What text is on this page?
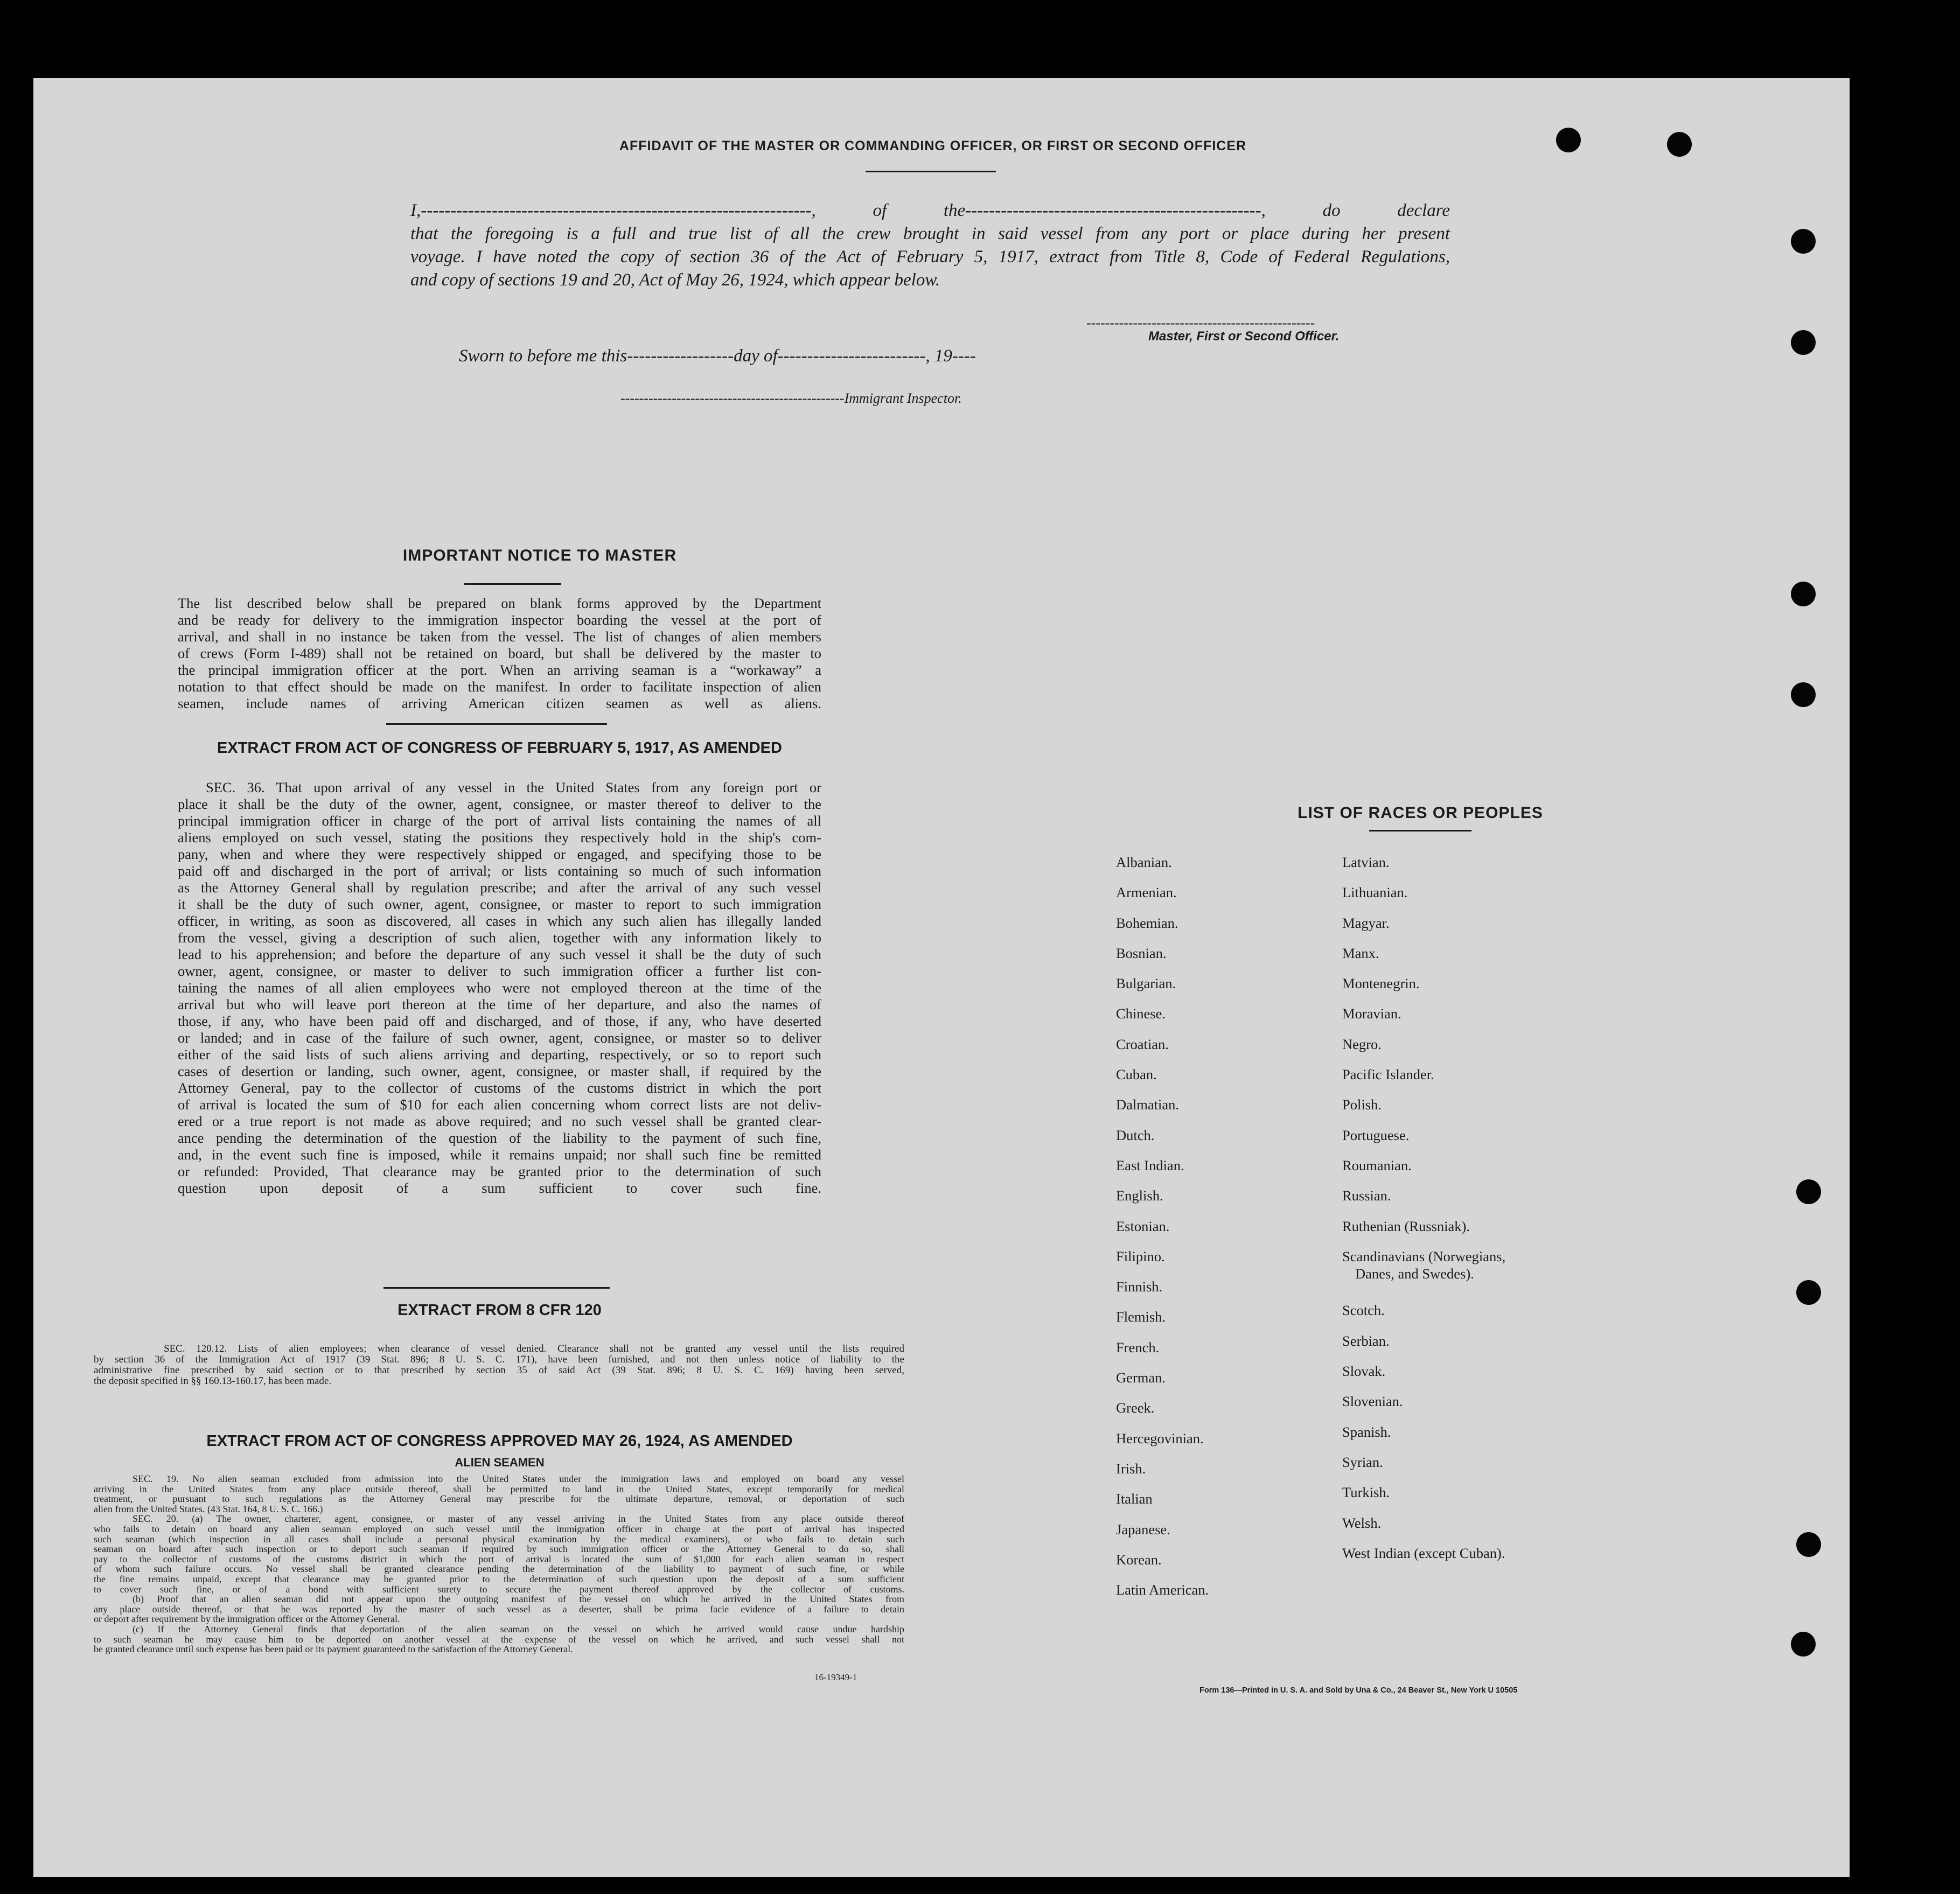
AFFIDAVIT OF THE MASTER OR COMMANDING OFFICER, OR FIRST OR SECOND OFFICER
I,------------------------------------------------------------------, of the--------------------------------------------------, do declare
that the foregoing is a full and true list of all the crew brought in said vessel from any port or place during her present
voyage. I have noted the copy of section 36 of the Act of February 5, 1917, extract from Title 8, Code of Federal Regulations,
and copy of sections 19 and 20, Act of May 26, 1924, which appear below.
-------------------------------------------------
Master, First or Second Officer.
Sworn to before me this------------------day of-------------------------, 19----
------------------------------------------------Immigrant Inspector.
IMPORTANT NOTICE TO MASTER

The list described below shall be prepared on blank forms approved by the Department

and be ready for delivery to the immigration inspector boarding the vessel at the port of

arrival, and shall in no instance be taken from the vessel. The list of changes of alien members

of crews (Form I-489) shall not be retained on board, but shall be delivered by the master to

the principal immigration officer at the port. When an arriving seaman is a “workaway” a

notation to that effect should be made on the manifest. In order to facilitate inspection of alien

seamen, include names of arriving American citizen seamen as well as aliens.

EXTRACT FROM ACT OF CONGRESS OF FEBRUARY 5, 1917, AS AMENDED

SEC. 36. That upon arrival of any vessel in the United States from any foreign port or

place it shall be the duty of the owner, agent, consignee, or master thereof to deliver to the

principal immigration officer in charge of the port of arrival lists containing the names of all

aliens employed on such vessel, stating the positions they respectively hold in the ship's com-

pany, when and where they were respectively shipped or engaged, and specifying those to be

paid off and discharged in the port of arrival; or lists containing so much of such information

as the Attorney General shall by regulation prescribe; and after the arrival of any such vessel

it shall be the duty of such owner, agent, consignee, or master to report to such immigration

officer, in writing, as soon as discovered, all cases in which any such alien has illegally landed

from the vessel, giving a description of such alien, together with any information likely to

lead to his apprehension; and before the departure of any such vessel it shall be the duty of such

owner, agent, consignee, or master to deliver to such immigration officer a further list con-

taining the names of all alien employees who were not employed thereon at the time of the

arrival but who will leave port thereon at the time of her departure, and also the names of

those, if any, who have been paid off and discharged, and of those, if any, who have deserted

or landed; and in case of the failure of such owner, agent, consignee, or master so to deliver

either of the said lists of such aliens arriving and departing, respectively, or so to report such

cases of desertion or landing, such owner, agent, consignee, or master shall, if required by the

Attorney General, pay to the collector of customs of the customs district in which the port

of arrival is located the sum of $10 for each alien concerning whom correct lists are not deliv-

ered or a true report is not made as above required; and no such vessel shall be granted clear-

ance pending the determination of the question of the liability to the payment of such fine,

and, in the event such fine is imposed, while it remains unpaid; nor shall such fine be remitted

or refunded: Provided, That clearance may be granted prior to the determination of such

question upon deposit of a sum sufficient to cover such fine.

EXTRACT FROM 8 CFR 120

SEC. 120.12. Lists of alien employees; when clearance of vessel denied. Clearance shall not be granted any vessel until the lists required

by section 36 of the Immigration Act of 1917 (39 Stat. 896; 8 U. S. C. 171), have been furnished, and not then unless notice of liability to the

administrative fine prescribed by said section or to that prescribed by section 35 of said Act (39 Stat. 896; 8 U. S. C. 169) having been served,

the deposit specified in §§ 160.13-160.17, has been made.

EXTRACT FROM ACT OF CONGRESS APPROVED MAY 26, 1924, AS AMENDED
ALIEN SEAMEN

SEC. 19. No alien seaman excluded from admission into the United States under the immigration laws and employed on board any vessel

arriving in the United States from any place outside thereof, shall be permitted to land in the United States, except temporarily for medical

treatment, or pursuant to such regulations as the Attorney General may prescribe for the ultimate departure, removal, or deportation of such

alien from the United States. (43 Stat. 164, 8 U. S. C. 166.)

SEC. 20. (a) The owner, charterer, agent, consignee, or master of any vessel arriving in the United States from any place outside thereof

who fails to detain on board any alien seaman employed on such vessel until the immigration officer in charge at the port of arrival has inspected

such seaman (which inspection in all cases shall include a personal physical examination by the medical examiners), or who fails to detain such

seaman on board after such inspection or to deport such seaman if required by such immigration officer or the Attorney General to do so, shall

pay to the collector of customs of the customs district in which the port of arrival is located the sum of $1,000 for each alien seaman in respect

of whom such failure occurs. No vessel shall be granted clearance pending the determination of the liability to payment of such fine, or while

the fine remains unpaid, except that clearance may be granted prior to the determination of such question upon the deposit of a sum sufficient

to cover such fine, or of a bond with sufficient surety to secure the payment thereof approved by the collector of customs.

(b) Proof that an alien seaman did not appear upon the outgoing manifest of the vessel on which he arrived in the United States from

any place outside thereof, or that he was reported by the master of such vessel as a deserter, shall be prima facie evidence of a failure to detain

or deport after requirement by the immigration officer or the Attorney General.

(c) If the Attorney General finds that deportation of the alien seaman on the vessel on which he arrived would cause undue hardship

to such seaman he may cause him to be deported on another vessel at the expense of the vessel on which he arrived, and such vessel shall not

be granted clearance until such expense has been paid or its payment guaranteed to the satisfaction of the Attorney General.

16-19349-1
LIST OF RACES OR PEOPLES
Albanian.
Armenian.
Bohemian.
Bosnian.
Bulgarian.
Chinese.
Croatian.
Cuban.
Dalmatian.
Dutch.
East Indian.
English.
Estonian.
Filipino.
Finnish.
Flemish.
French.
German.
Greek.
Hercegovinian.
Irish.
Italian
Japanese.
Korean.
Latin American.
Latvian.
Lithuanian.
Magyar.
Manx.
Montenegrin.
Moravian.
Negro.
Pacific Islander.
Polish.
Portuguese.
Roumanian.
Russian.
Ruthenian (Russniak).
Scandinavians (Norwegians,
Danes, and Swedes).
Scotch.
Serbian.
Slovak.
Slovenian.
Spanish.
Syrian.
Turkish.
Welsh.
West Indian (except Cuban).
Form 136—Printed in U. S. A. and Sold by Una & Co., 24 Beaver St., New York U 10505
